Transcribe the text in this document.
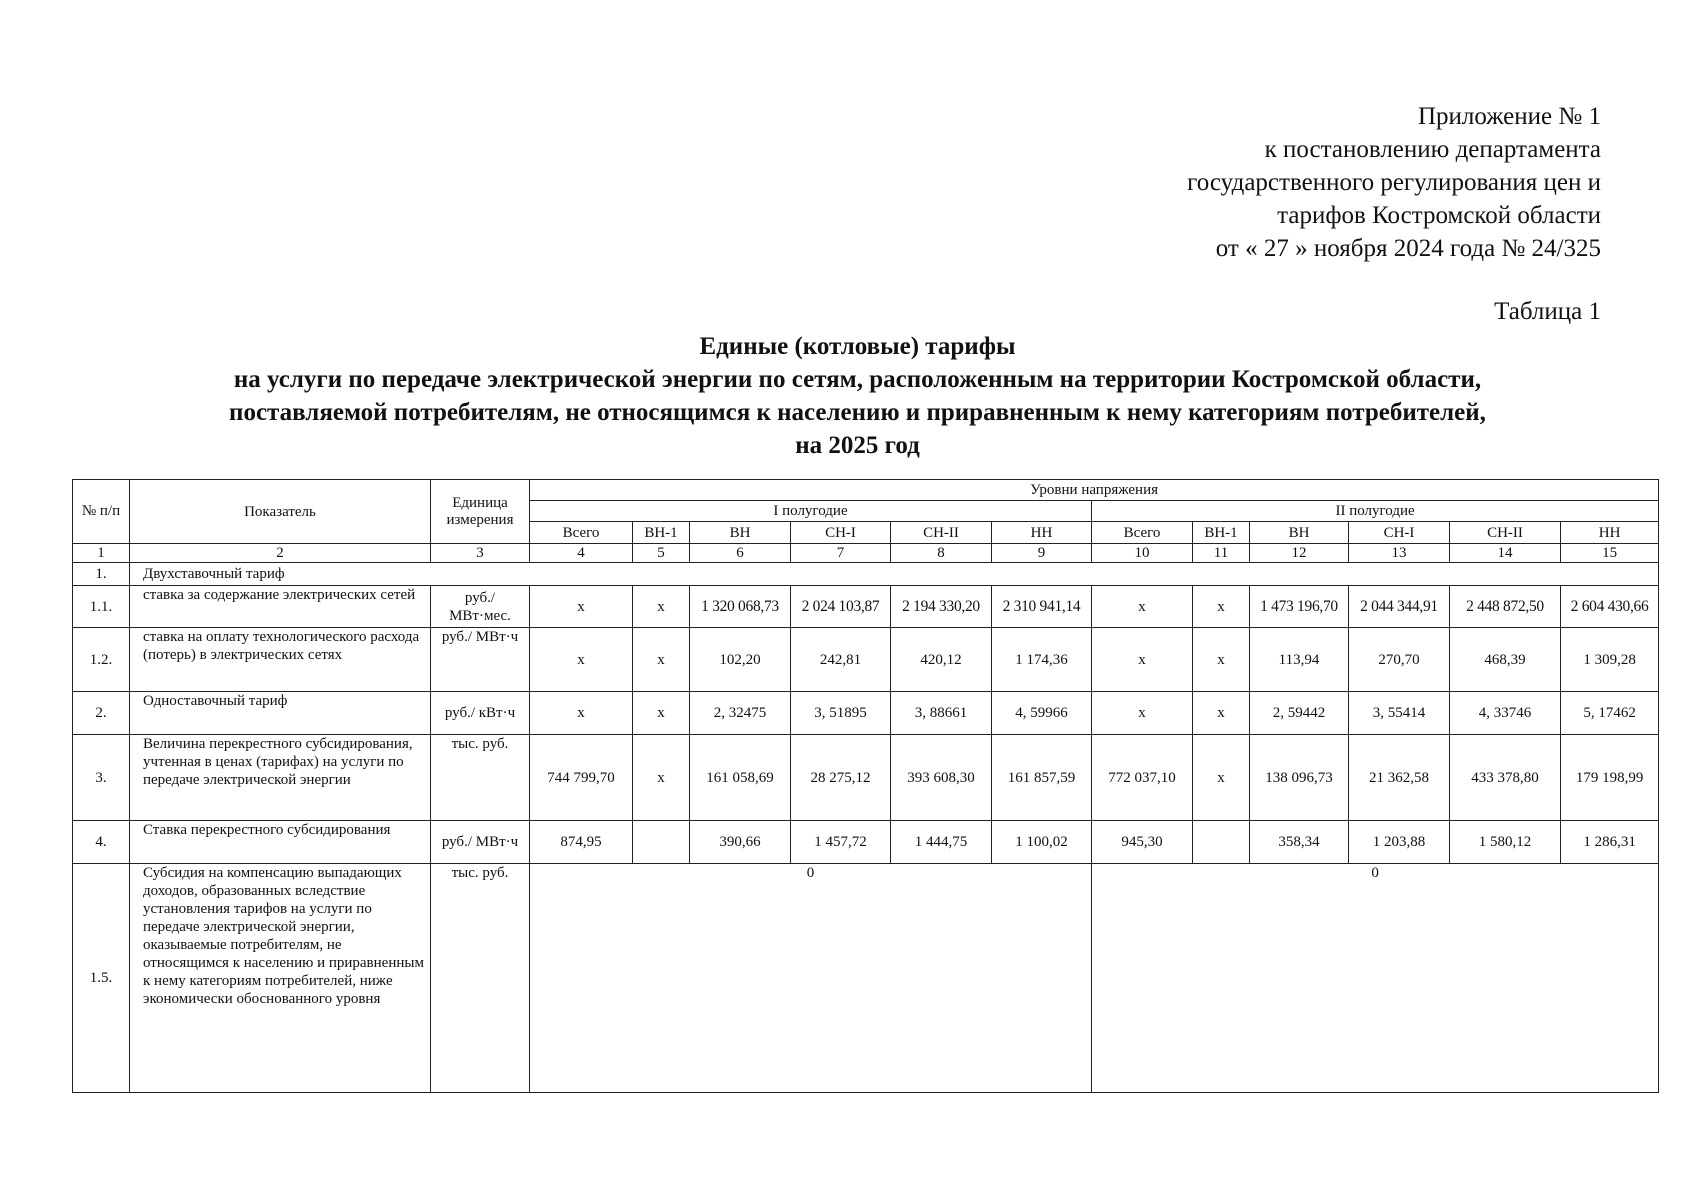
Приложение № 1
к постановлению департамента
государственного регулирования цен и
тарифов Костромской области
от « 27 » ноября 2024 года № 24/325
Таблица 1
Единые (котловые) тарифы
на услуги по передаче электрической энергии по сетям, расположенным на территории Костромской области,
поставляемой потребителям, не относящимся к населению и приравненным к нему категориям потребителей,
на 2025 год
№ п/п	Показатель	Единица измерения	Уровни напряжения											
			I полугодие						II полугодие					
			Всего	ВН-1	ВН	СН-I	СН-II	НН	Всего	ВН-1	ВН	СН-I	СН-II	НН
1	2	3	4	5	6	7	8	9	10	11	12	13	14	15
1.	Двухставочный тариф													
1.1.	ставка за содержание электрических сетей	руб./ МВт·мес.	х	х	1 320 068,73	2 024 103,87	2 194 330,20	2 310 941,14	х	х	1 473 196,70	2 044 344,91	2 448 872,50	2 604 430,66
1.2.	ставка на оплату технологического расхода (потерь) в электрических сетях	руб./ МВт·ч	х	х	102,20	242,81	420,12	1 174,36	х	х	113,94	270,70	468,39	1 309,28
2.	Одноставочный тариф	руб./ кВт·ч	х	х	2, 32475	3, 51895	3, 88661	4, 59966	х	х	2, 59442	3, 55414	4, 33746	5, 17462
3.	Величина перекрестного субсидирования, учтенная в ценах (тарифах) на услуги по передаче электрической энергии	тыс. руб.	744 799,70	х	161 058,69	28 275,12	393 608,30	161 857,59	772 037,10	х	138 096,73	21 362,58	433 378,80	179 198,99
4.	Ставка перекрестного субсидирования	руб./ МВт·ч	874,95		390,66	1 457,72	1 444,75	1 100,02	945,30		358,34	1 203,88	1 580,12	1 286,31
1.5.	Субсидия на компенсацию выпадающих доходов, образованных вследствие установления тарифов на услуги по передаче электрической энергии, оказываемые потребителям, не относящимся к населению и приравненным к нему категориям потребителей, ниже экономически обоснованного уровня	тыс. руб.	0						0					
